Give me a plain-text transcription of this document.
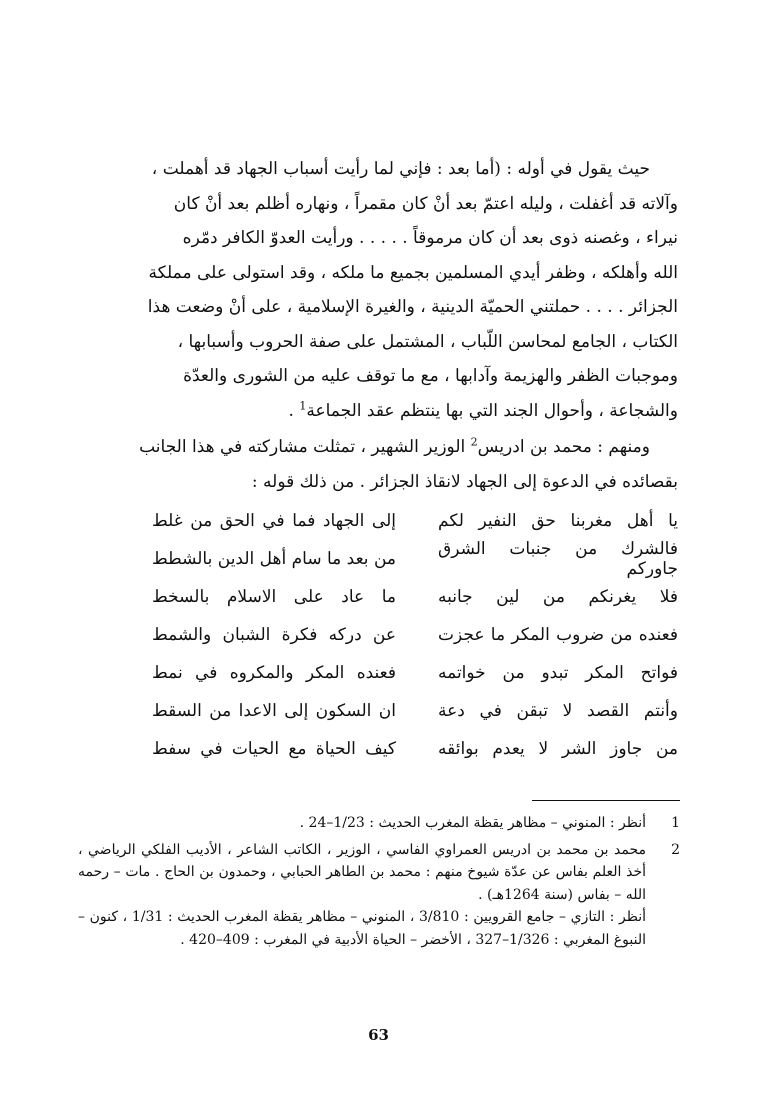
حيث يقول في أوله : (أما بعد : فإني لما رأيت أسباب الجهاد قد أهملت ،

وآلاته قد أغفلت ، وليله اعتمّ بعد أنْ كان مقمراً ، ونهاره أظلم بعد أنْ كان

نيراء ، وغصنه ذوى بعد أن كان مرموقاً . . . . . ورأيت العدوّ الكافر دمّره

الله وأهلكه ، وظفر أيدي المسلمين بجميع ما ملكه ، وقد استولى على مملكة

الجزائر . . . . حملتني الحميّة الدينية ، والغيرة الإسلامية ، على أنْ وضعت هذا

الكتاب ، الجامع لمحاسن اللّباب ، المشتمل على صفة الحروب وأسبابها ،

وموجبات الظفر والهزيمة وآدابها ، مع ما توقف عليه من الشورى والعدّة

والشجاعة ، وأحوال الجند التي بها ينتظم عقد الجماعة$^1$ .

ومنهم : محمد بن ادريس$^2$ الوزير الشهير ، تمثلت مشاركته في هذا الجانب

بقصائده في الدعوة إلى الجهاد لانقاذ الجزائر . من ذلك قوله :

يا أهل مغربنا حق النفير لكم
إلى الجهاد فما في الحق من غلط
فالشرك من جنبات الشرق جاوركم
من بعد ما سام أهل الدين بالشطط
فلا يغرنكم من لين جانبه
ما عاد على الاسلام بالسخط
فعنده من ضروب المكر ما عجزت
عن دركه فكرة الشبان والشمط
فواتح المكر تبدو من خواتمه
فعنده المكر والمكروه في نمط
وأنتم القصد لا تبقن في دعة
ان السكون إلى الاعدا من السقط
من جاوز الشر لا يعدم بوائقه
كيف الحياة مع الحيات في سفط
1
أنظر : المنوني – مظاهر يقظة المغرب الحديث : 1/23–24 .
2
محمد بن محمد بن ادريس العمراوي الفاسي ، الوزير ، الكاتب الشاعر ، الأديب الفلكي الرياضي ، أخذ العلم بفاس عن عدّة شيوخ منهم : محمد بن الطاهر الحبابي ، وحمدون بن الحاج . مات – رحمه الله – بفاس (سنة 1264هـ) .
أنظر : التازي – جامع القرويين : 3/810 ، المنوني – مظاهر يقظة المغرب الحديث : 1/31 ، كنون – النبوغ المغربي : 1/326–327 ، الأخضر – الحياة الأدبية في المغرب : 409–420 .
63
